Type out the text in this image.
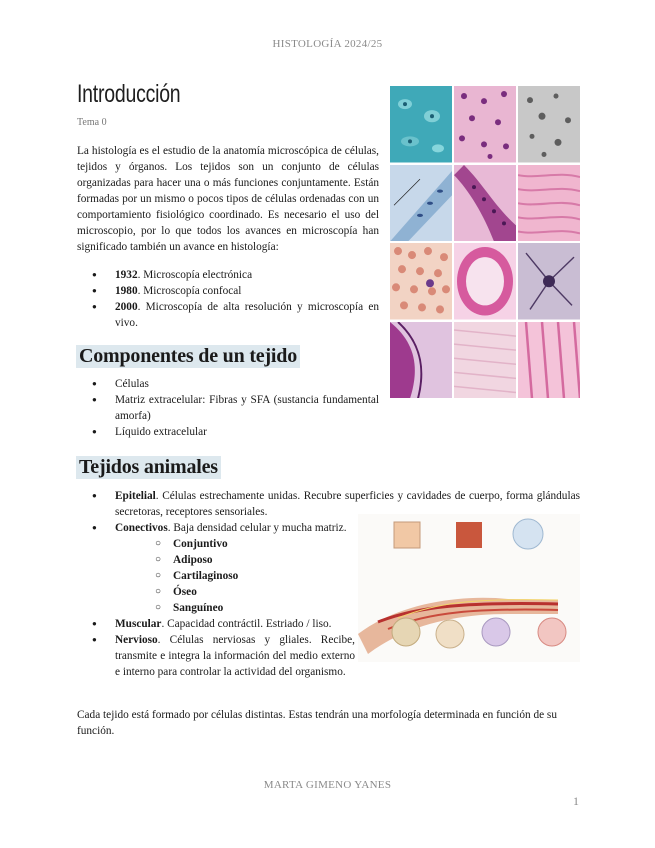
HISTOLOGÍA 2024/25
Introducción
Tema 0

La histología es el estudio de la anatomía microscópica de células, tejidos y órganos. Los tejidos son un conjunto de células organizadas para hacer una o más funciones conjuntamente. Están formadas por un mismo o pocos tipos de células ordenadas con un comportamiento fisiológico coordinado. Es necesario el uso del microscopio, por lo que todos los avances en microscopía han significado también un avance en histología:

● 1932. Microscopía electrónica
● 1980. Microscopía confocal
● 2000. Microscopía de alta resolución y microscopía en vivo.
Componentes de un tejido
● Células
● Matriz extracelular: Fibras y SFA (sustancia fundamental amorfa)
● Líquido extracelular
Tejidos animales
● Epitelial. Células estrechamente unidas. Recubre superficies y cavidades de cuerpo, forma glándulas secretoras, receptores sensoriales.
● Conectivos. Baja densidad celular y mucha matriz.
○ Conjuntivo
○ Adiposo
○ Cartilaginoso
○ Óseo
○ Sanguíneo
● Muscular. Capacidad contráctil. Estriado / liso.
● Nervioso. Células nerviosas y gliales. Recibe, transmite e integra la información del medio externo e interno para controlar la actividad del organismo.

Cada tejido está formado por células distintas. Estas tendrán una morfología determinada en función de su función.

MARTA GIMENO YANES
1
